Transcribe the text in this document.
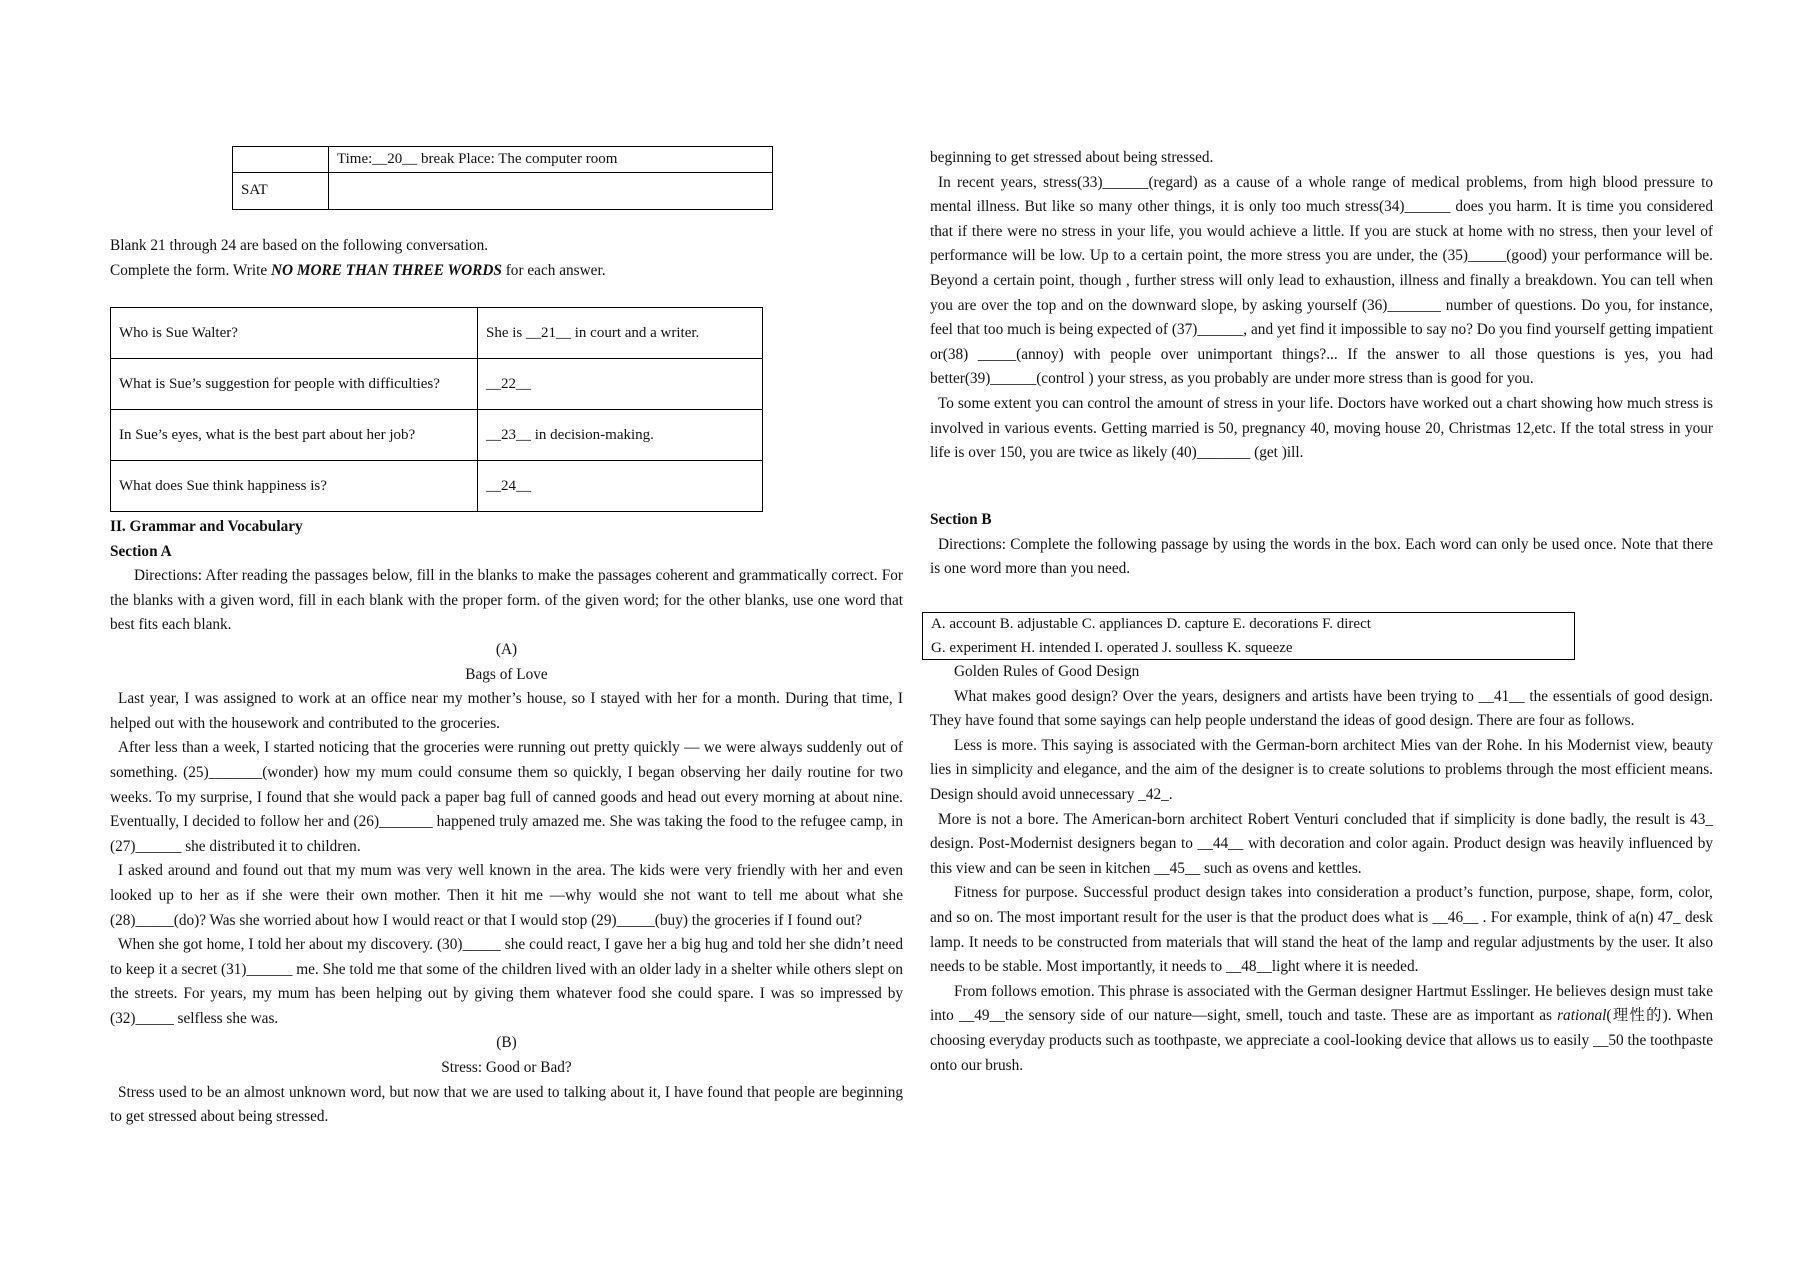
	Time:__20__ break Place: The computer room
SAT	
Blank 21 through 24 are based on the following conversation.
Complete the form. Write NO MORE THAN THREE WORDS for each answer.
Who is Sue Walter?	She is __21__ in court and a writer.
What is Sue’s suggestion for people with difficulties?	__22__
In Sue’s eyes, what is the best part about her job?	__23__ in decision-making.
What does Sue think happiness is?	__24__
II. Grammar and Vocabulary
Section A
Directions: After reading the passages below, fill in the blanks to make the passages coherent and grammatically correct. For the blanks with a given word, fill in each blank with the proper form. of the given word; for the other blanks, use one word that best fits each blank.
(A)
Bags of Love
Last year, I was assigned to work at an office near my mother’s house, so I stayed with her for a month. During that time, I helped out with the housework and contributed to the groceries.
After less than a week, I started noticing that the groceries were running out pretty quickly — we were always suddenly out of something. (25)_______(wonder) how my mum could consume them so quickly, I began observing her daily routine for two weeks. To my surprise, I found that she would pack a paper bag full of canned goods and head out every morning at about nine. Eventually, I decided to follow her and (26)_______ happened truly amazed me. She was taking the food to the refugee camp, in (27)______ she distributed it to children.
I asked around and found out that my mum was very well known in the area. The kids were very friendly with her and even looked up to her as if she were their own mother. Then it hit me —why would she not want to tell me about what she (28)_____(do)? Was she worried about how I would react or that I would stop (29)_____(buy) the groceries if I found out?
When she got home, I told her about my discovery. (30)_____ she could react, I gave her a big hug and told her she didn’t need to keep it a secret (31)______ me. She told me that some of the children lived with an older lady in a shelter while others slept on the streets. For years, my mum has been helping out by giving them whatever food she could spare. I was so impressed by (32)_____ selfless she was.
(B)
Stress: Good or Bad?
Stress used to be an almost unknown word, but now that we are used to talking about it, I have found that people are beginning to get stressed about being stressed.
beginning to get stressed about being stressed.
In recent years, stress(33)______(regard) as a cause of a whole range of medical problems, from high blood pressure to mental illness. But like so many other things, it is only too much stress(34)______ does you harm. It is time you considered that if there were no stress in your life, you would achieve a little. If you are stuck at home with no stress, then your level of performance will be low. Up to a certain point, the more stress you are under, the (35)_____(good) your performance will be. Beyond a certain point, though , further stress will only lead to exhaustion, illness and finally a breakdown. You can tell when you are over the top and on the downward slope, by asking yourself (36)_______ number of questions. Do you, for instance, feel that too much is being expected of (37)______, and yet find it impossible to say no? Do you find yourself getting impatient or(38) _____(annoy) with people over unimportant things?... If the answer to all those questions is yes, you had better(39)______(control ) your stress, as you probably are under more stress than is good for you.
To some extent you can control the amount of stress in your life. Doctors have worked out a chart showing how much stress is involved in various events. Getting married is 50, pregnancy 40, moving house 20, Christmas 12,etc. If the total stress in your life is over 150, you are twice as likely (40)_______ (get )ill.
Section B
Directions: Complete the following passage by using the words in the box. Each word can only be used once. Note that there is one word more than you need.
A. account B. adjustable C. appliances D. capture E. decorations F. direct
G. experiment H. intended I. operated J. soulless K. squeeze
Golden Rules of Good Design
What makes good design? Over the years, designers and artists have been trying to __41__ the essentials of good design. They have found that some sayings can help people understand the ideas of good design. There are four as follows.
Less is more. This saying is associated with the German-born architect Mies van der Rohe. In his Modernist view, beauty lies in simplicity and elegance, and the aim of the designer is to create solutions to problems through the most efficient means. Design should avoid unnecessary _42_.
More is not a bore. The American-born architect Robert Venturi concluded that if simplicity is done badly, the result is 43_ design. Post-Modernist designers began to __44__ with decoration and color again. Product design was heavily influenced by this view and can be seen in kitchen __45__ such as ovens and kettles.
Fitness for purpose. Successful product design takes into consideration a product’s function, purpose, shape, form, color, and so on. The most important result for the user is that the product does what is __46__ . For example, think of a(n) 47_ desk lamp. It needs to be constructed from materials that will stand the heat of the lamp and regular adjustments by the user. It also needs to be stable. Most importantly, it needs to __48__light where it is needed.
From follows emotion. This phrase is associated with the German designer Hartmut Esslinger. He believes design must take into __49__the sensory side of our nature—sight, smell, touch and taste. These are as important as rational(理性的). When choosing everyday products such as toothpaste, we appreciate a cool-looking device that allows us to easily __50 the toothpaste onto our brush.
